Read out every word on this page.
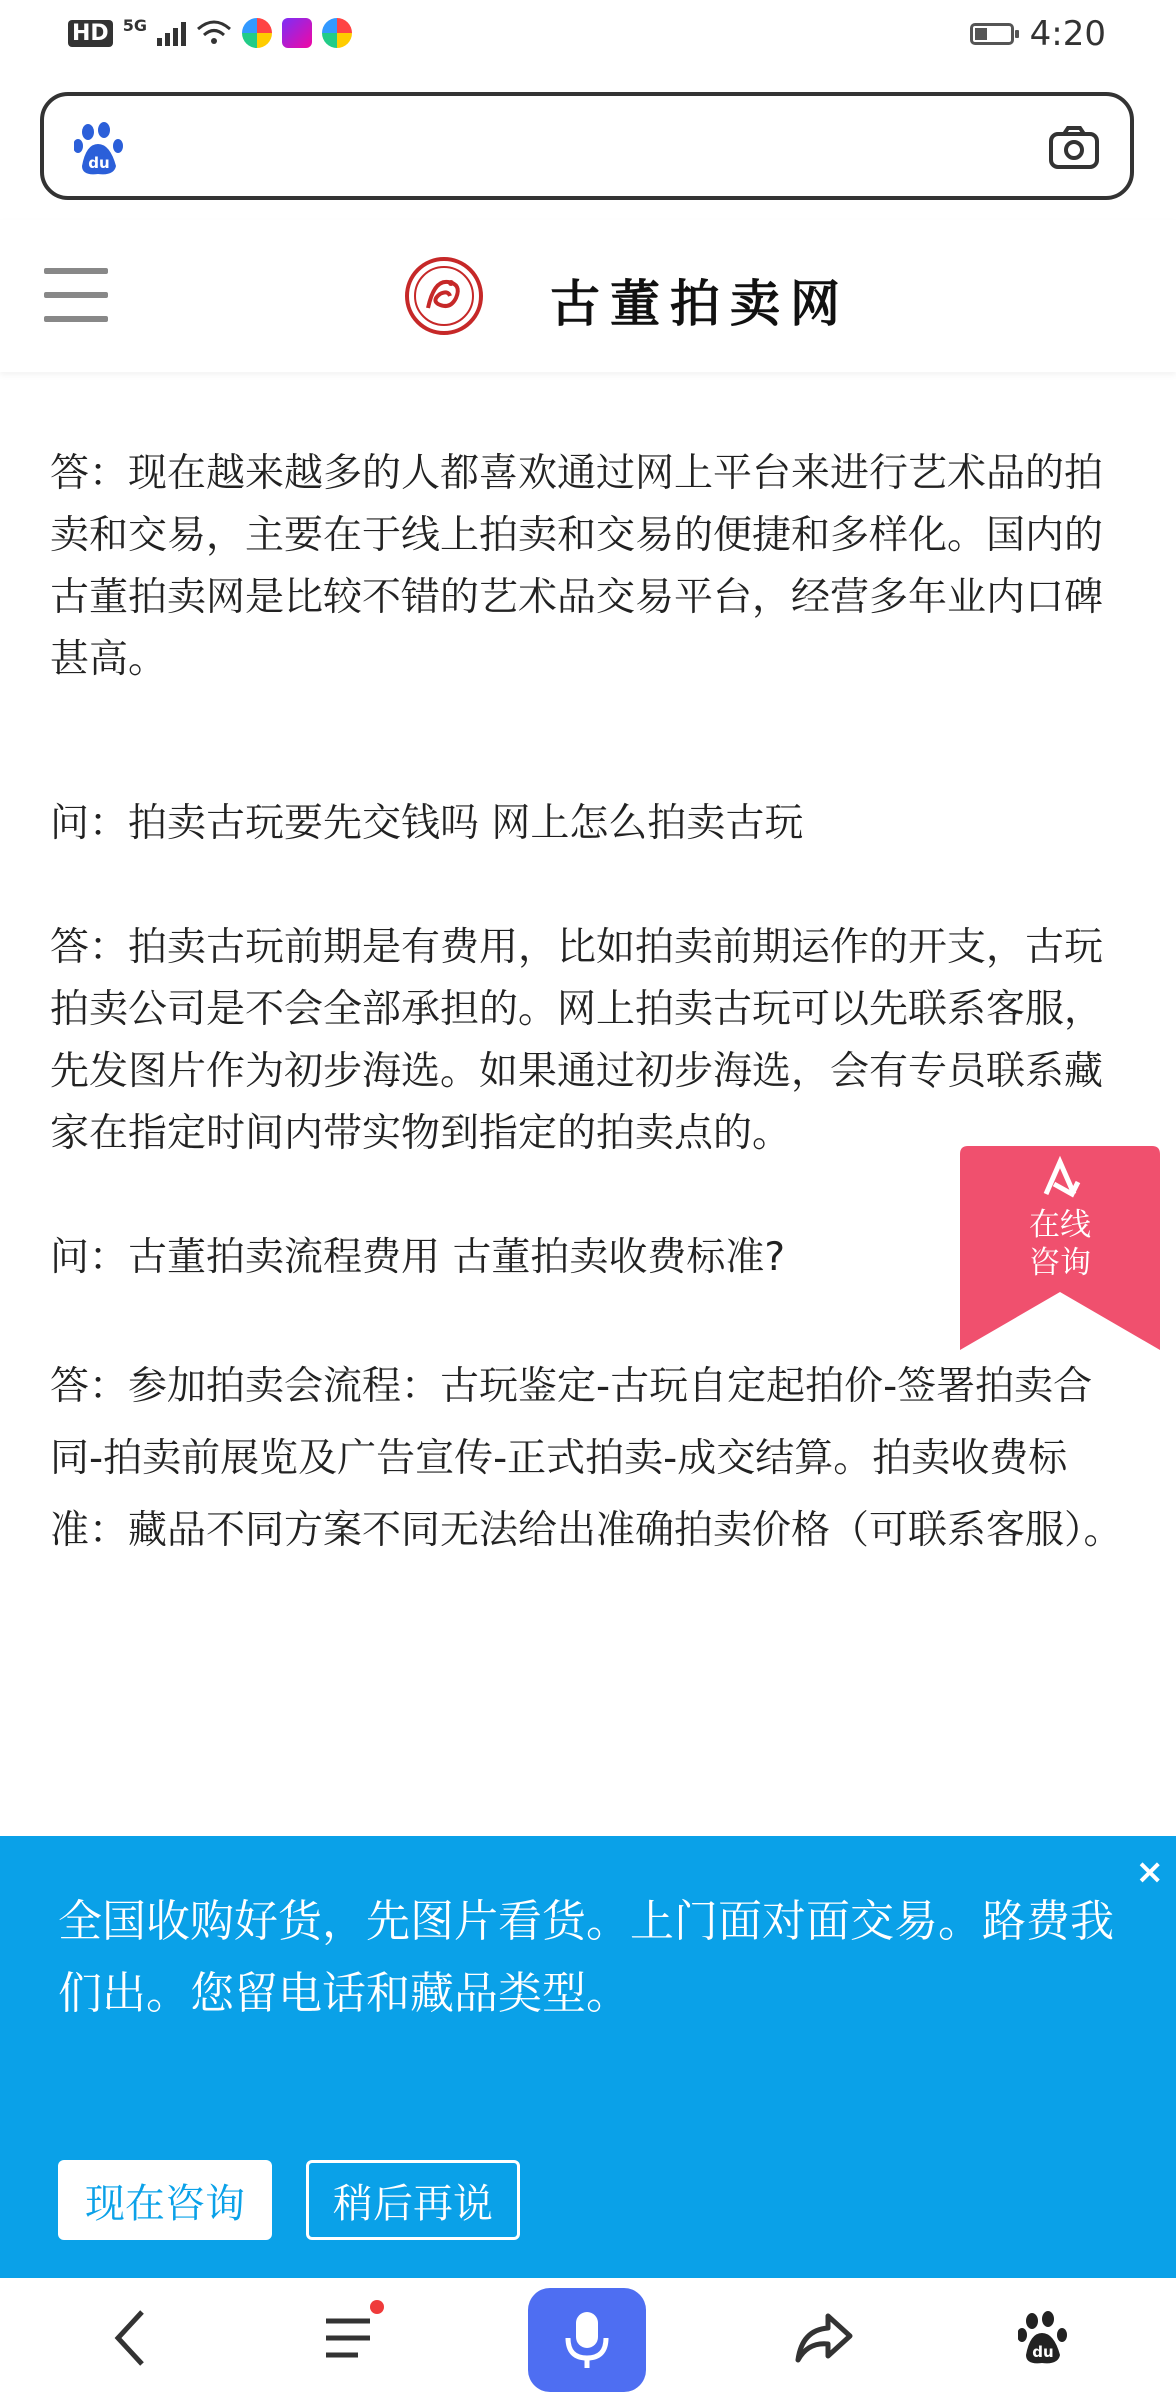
HD 5G	4:20
du
古董拍卖网

答：现在越来越多的人都喜欢通过网上平台来进行艺术品的拍卖和交易，主要在于线上拍卖和交易的便捷和多样化。国内的古董拍卖网是比较不错的艺术品交易平台，经营多年业内口碑甚高。

问：拍卖古玩要先交钱吗 网上怎么拍卖古玩

答：拍卖古玩前期是有费用，比如拍卖前期运作的开支，古玩拍卖公司是不会全部承担的。网上拍卖古玩可以先联系客服，先发图片作为初步海选。如果通过初步海选，会有专员联系藏家在指定时间内带实物到指定的拍卖点的。

问：古董拍卖流程费用 古董拍卖收费标准?

答：参加拍卖会流程：古玩鉴定-古玩自定起拍价-签署拍卖合同-拍卖前展览及广告宣传-正式拍卖-成交结算。拍卖收费标准：藏品不同方案不同无法给出准确拍卖价格（可联系客服）。

在线
咨询
×
全国收购好货，先图片看货。上门面对面交易。路费我们出。您留电话和藏品类型。
现在咨询	稍后再说
du
